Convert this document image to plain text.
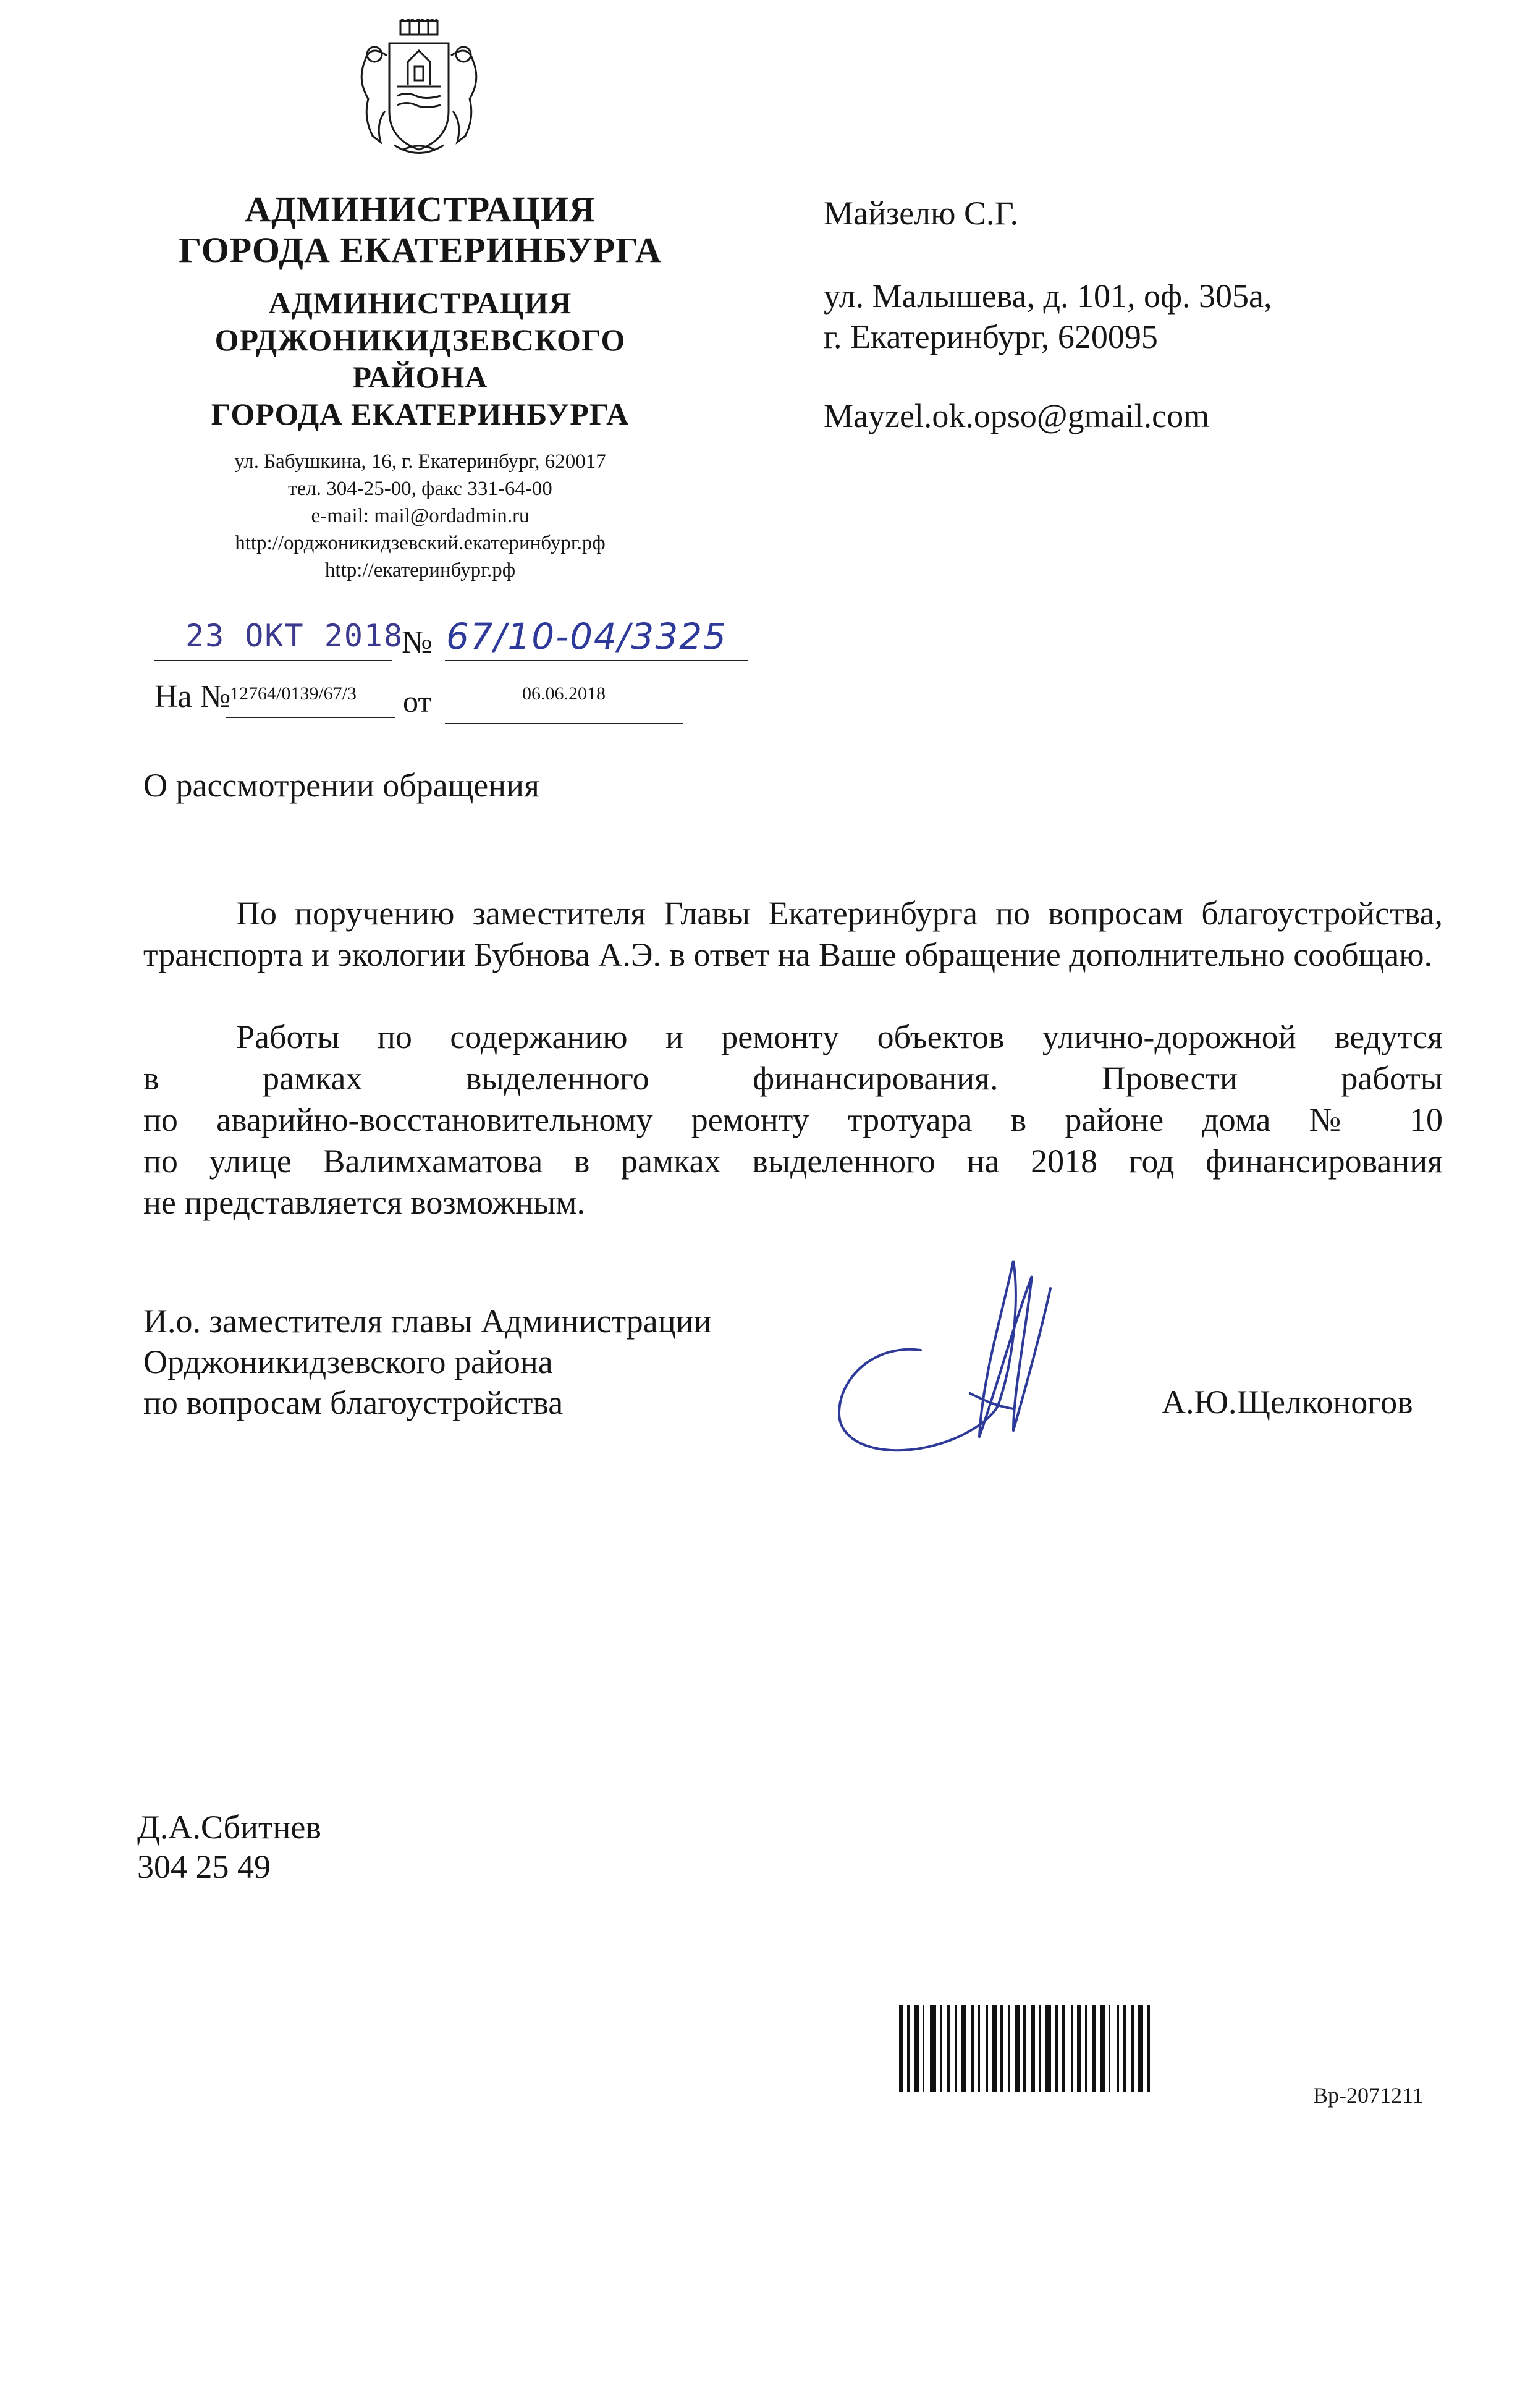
АДМИНИСТРАЦИЯ
ГОРОДА ЕКАТЕРИНБУРГА
АДМИНИСТРАЦИЯ
ОРДЖОНИКИДЗЕВСКОГО
РАЙОНА
ГОРОДА ЕКАТЕРИНБУРГА
ул. Бабушкина, 16, г. Екатеринбург, 620017
тел. 304-25-00, факс 331-64-00
e-mail: mail@ordadmin.ru
http://орджоникидзевский.екатеринбург.рф
http://екатеринбург.рф
23 ОКТ 2018
№ 67/10-04/3325
На №
12764/0139/67/3 от	06.06.2018
Майзелю С.Г.
ул. Малышева, д. 101, оф. 305а,
г. Екатеринбург, 620095
Mayzel.ok.opso@gmail.com
О рассмотрении обращения

По поручению заместителя Главы Екатеринбурга по вопросам благоустройства, транспорта и экологии Бубнова А.Э. в ответ на Ваше обращение дополнительно сообщаю.

Работы по содержанию и ремонту объектов улично-дорожной ведутся
в рамках выделенного финансирования. Провести работы
по аварийно-восстановительному ремонту тротуара в районе дома № 10
по улице Валимхаматова в рамках выделенного на 2018 год финансирования
не представляется возможным.
И.о. заместителя главы Администрации
Орджоникидзевского района
по вопросам благоустройства	А.Ю.Щелконогов
Д.А.Сбитнев
304 25 49
Вр-2071211
